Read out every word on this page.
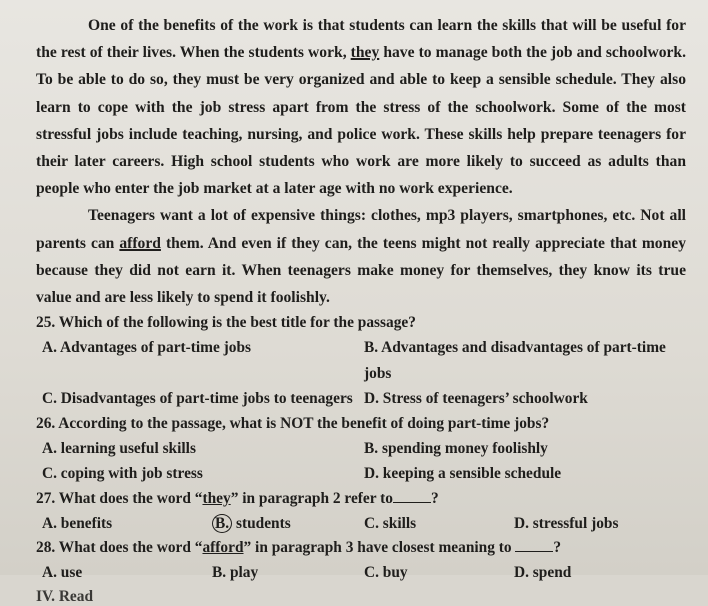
One of the benefits of the work is that students can learn the skills that will be useful for the rest of their lives. When the students work, they have to manage both the job and schoolwork. To be able to do so, they must be very organized and able to keep a sensible schedule. They also learn to cope with the job stress apart from the stress of the schoolwork. Some of the most stressful jobs include teaching, nursing, and police work. These skills help prepare teenagers for their later careers. High school students who work are more likely to succeed as adults than people who enter the job market at a later age with no work experience.

Teenagers want a lot of expensive things: clothes, mp3 players, smartphones, etc. Not all parents can afford them. And even if they can, the teens might not really appreciate that money because they did not earn it. When teenagers make money for themselves, they know its true value and are less likely to spend it foolishly.

25. Which of the following is the best title for the passage?

A. Advantages of part-time jobs	B. Advantages and disadvantages of part-time jobs
C. Disadvantages of part-time jobs to teenagers D. Stress of teenagers’ schoolwork

26. According to the passage, what is NOT the benefit of doing part-time jobs?

A. learning useful skills	B. spending money foolishly
C. coping with job stress	D. keeping a sensible schedule

27. What does the word “they” in paragraph 2 refer to ?

A. benefits	B. students	C. skills	D. stressful jobs

28. What does the word “afford” in paragraph 3 have closest meaning to ?

A. use	B. play	C. buy	D. spend
IV. Read
